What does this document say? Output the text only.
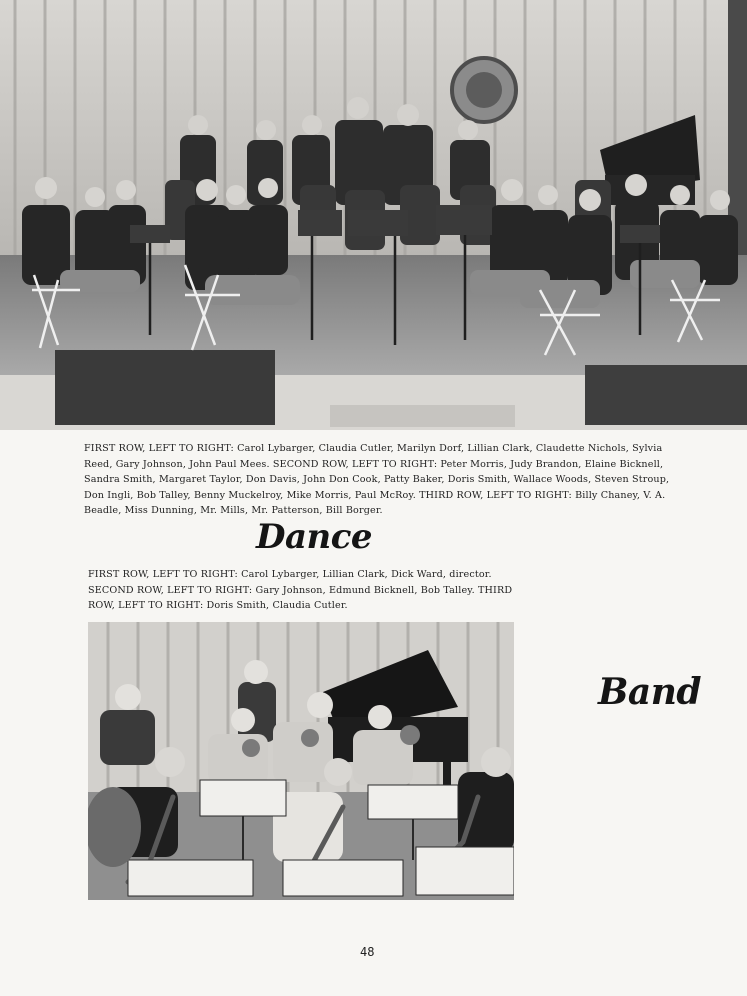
FIRST ROW, LEFT TO RIGHT: Carol Lybarger, Claudia Cutler, Marilyn Dorf, Lillian Clark, Claudette Nichols, Sylvia Reed, Gary Johnson, John Paul Mees. SECOND ROW, LEFT TO RIGHT: Peter Morris, Judy Brandon, Elaine Bicknell, Sandra Smith, Margaret Taylor, Don Davis, John Don Cook, Patty Baker, Doris Smith, Wallace Woods, Steven Stroup, Don Ingli, Bob Talley, Benny Muckelroy, Mike Morris, Paul McRoy. THIRD ROW, LEFT TO RIGHT: Billy Chaney, V. A. Beadle, Miss Dunning, Mr. Mills, Mr. Patterson, Bill Borger.

Dance

FIRST ROW, LEFT TO RIGHT: Carol Lybarger, Lillian Clark, Dick Ward, director. SECOND ROW, LEFT TO RIGHT: Gary Johnson, Edmund Bicknell, Bob Talley. THIRD ROW, LEFT TO RIGHT: Doris Smith, Claudia Cutler.

Band
48
